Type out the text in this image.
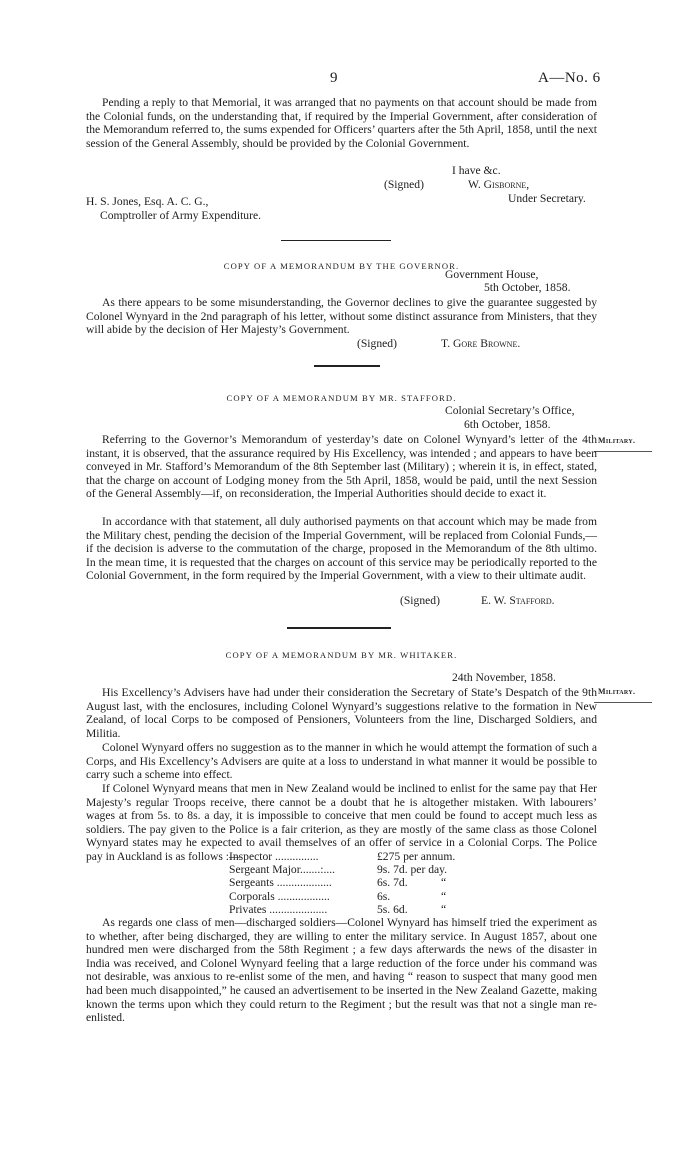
9	A—No. 6

Pending a reply to that Memorial, it was arranged that no payments on that account should be made from the Colonial funds, on the understanding that, if required by the Imperial Government, after consideration of the Memorandum referred to, the sums expended for Officers’ quarters after the 5th April, 1858, until the next session of the General Assembly, should be provided by the Colonial Government.

I have &c.
(Signed)	W. Gisborne,
Under Secretary.
H. S. Jones, Esq. A. C. G.,
Comptroller of Army Expenditure.
COPY OF A MEMORANDUM BY THE GOVERNOR.
Government House,
5th October, 1858.

As there appears to be some misunderstanding, the Governor declines to give the guarantee suggested by Colonel Wynyard in the 2nd paragraph of his letter, without some distinct assurance from Ministers, that they will abide by the decision of Her Majesty’s Government.

(Signed)	T. Gore Browne.
COPY OF A MEMORANDUM BY MR. STAFFORD.
Colonial Secretary’s Office,
6th October, 1858.
Military.

Referring to the Governor’s Memorandum of yesterday’s date on Colonel Wynyard’s letter of the 4th instant, it is observed, that the assurance required by His Excellency, was intended ; and appears to have been conveyed in Mr. Stafford’s Memorandum of the 8th September last (Military) ; wherein it is, in effect, stated, that the charge on account of Lodging money from the 5th April, 1858, would be paid, until the next Session of the General Assembly—if, on reconsideration, the Imperial Authorities should decide to exact it.

In accordance with that statement, all duly authorised payments on that account which may be made from the Military chest, pending the decision of the Imperial Government, will be replaced from Colonial Funds,—if the decision is adverse to the commutation of the charge, proposed in the Memorandum of the 8th ultimo. In the mean time, it is requested that the charges on account of this service may be periodically reported to the Colonial Government, in the form required by the Imperial Government, with a view to their ultimate audit.

(Signed)	E. W. Stafford.
COPY OF A MEMORANDUM BY MR. WHITAKER.
24th November, 1858.
Military.

His Excellency’s Advisers have had under their consideration the Secretary of State’s Despatch of the 9th August last, with the enclosures, including Colonel Wynyard’s suggestions relative to the formation in New Zealand, of local Corps to be composed of Pensioners, Volunteers from the line, Discharged Soldiers, and Militia.

Colonel Wynyard offers no suggestion as to the manner in which he would attempt the formation of such a Corps, and His Excellency’s Advisers are quite at a loss to understand in what manner it would be possible to carry such a scheme into effect.

If Colonel Wynyard means that men in New Zealand would be inclined to enlist for the same pay that Her Majesty’s regular Troops receive, there cannot be a doubt that he is altogether mistaken. With labourers’ wages at from 5s. to 8s. a day, it is impossible to conceive that men could be found to accept much less as soldiers. The pay given to the Police is a fair criterion, as they are mostly of the same class as those Colonel Wynyard states may he expected to avail themselves of an offer of service in a Colonial Corps. The Police pay in Auckland is as follows :—

Inspector ...............	£275 per annum.
Sergeant Major.......:....	9s. 7d. per day.
Sergeants ...................	6s. 7d.	“
Corporals ..................	6s.	“
Privates ....................	5s. 6d.	“

As regards one class of men—discharged soldiers—Colonel Wynyard has himself tried the experiment as to whether, after being discharged, they are willing to enter the military service. In August 1857, about one hundred men were discharged from the 58th Regiment ; a few days afterwards the news of the disaster in India was received, and Colonel Wynyard feeling that a large reduction of the force under his command was not desirable, was anxious to re-enlist some of the men, and having “ reason to suspect that many good men had been much disappointed,” he caused an advertisement to be inserted in the New Zealand Gazette, making known the terms upon which they could return to the Regiment ; but the result was that not a single man re-enlisted.
